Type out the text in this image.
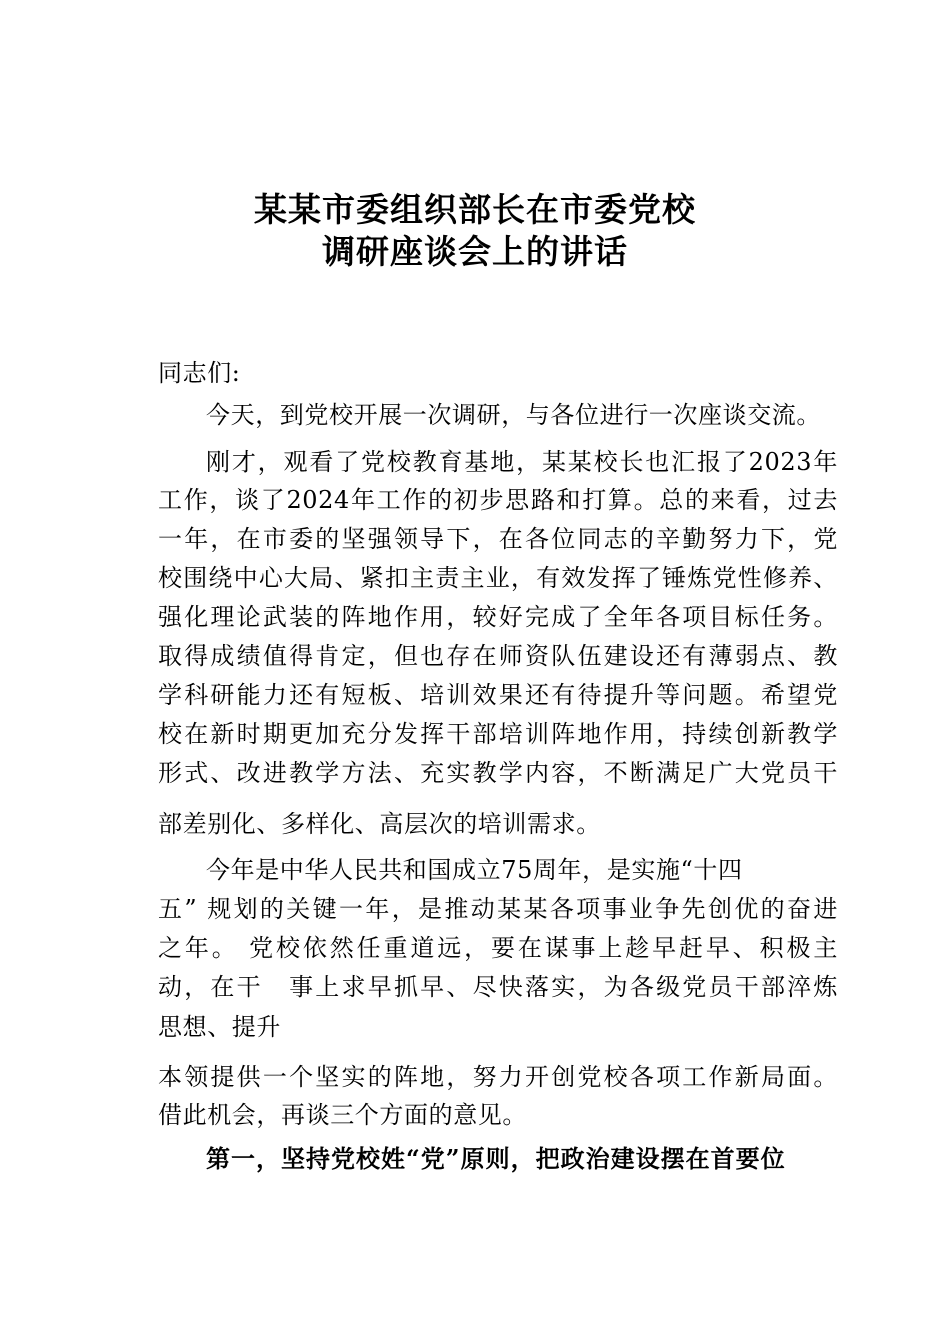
某某市委组织部长在市委党校
调研座谈会上的讲话

同志们:

今天，到党校开展一次调研，与各位进行一次座谈交流。

刚才，观看了党校教育基地，某某校长也汇报了2023年

工作，谈了2024年工作的初步思路和打算。总的来看，过去

一年，在市委的坚强领导下，在各位同志的辛勤努力下，党

校围绕中心大局、紧扣主责主业，有效发挥了锤炼党性修养、

强化理论武装的阵地作用，较好完成了全年各项目标任务。

取得成绩值得肯定，但也存在师资队伍建设还有薄弱点、教

学科研能力还有短板、培训效果还有待提升等问题。希望党

校在新时期更加充分发挥干部培训阵地作用，持续创新教学

形式、改进教学方法、充实教学内容，不断满足广大党员干

部差别化、多样化、高层次的培训需求。

今年是中华人民共和国成立75周年，是实施“十四

五” 规划的关键一年，是推动某某各项事业争先创优的奋进

之年。 党校依然任重道远，要在谋事上趁早赶早、积极主

动，在干　事上求早抓早、尽快落实，为各级党员干部淬炼

思想、提升

本领提供一个坚实的阵地，努力开创党校各项工作新局面。

借此机会，再谈三个方面的意见。

第一，坚持党校姓“党”原则，把政治建设摆在首要位
